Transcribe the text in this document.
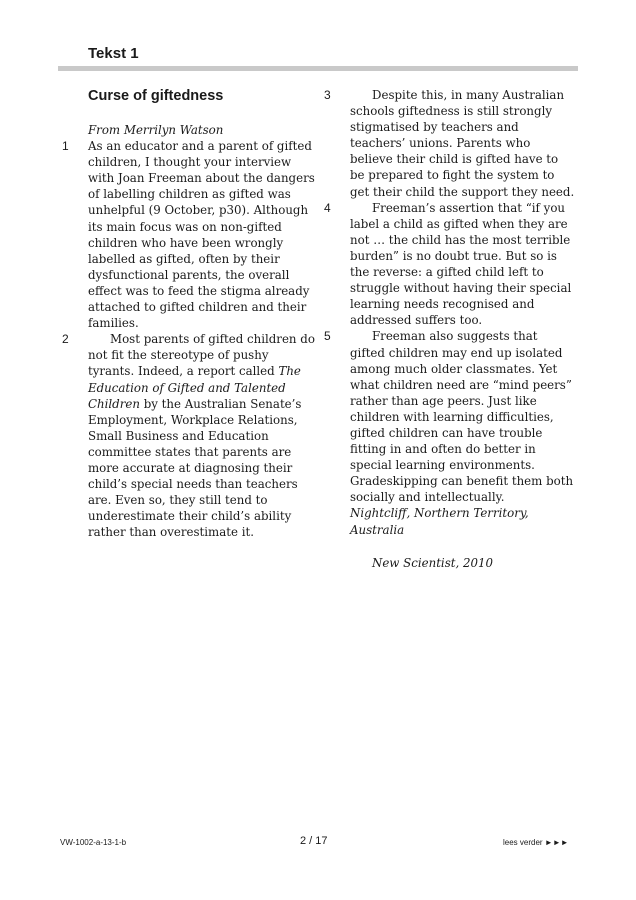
Tekst 1
Curse of giftedness

From Merrilyn Watson

1 As an educator and a parent of gifted children, I thought your interview with Joan Freeman about the dangers of labelling children as gifted was unhelpful (9 October, p30). Although its main focus was on non-gifted children who have been wrongly labelled as gifted, often by their dysfunctional parents, the overall effect was to feed the stigma already attached to gifted children and their families.

2	Most parents of gifted children do not fit the stereotype of pushy tyrants. Indeed, a report called The Education of Gifted and Talented Children by the Australian Senate’s Employment, Workplace Relations, Small Business and Education committee states that parents are more accurate at diagnosing their child’s special needs than teachers are. Even so, they still tend to underestimate their child’s ability rather than overestimate it.

3	Despite this, in many Australian schools giftedness is still strongly stigmatised by teachers and teachers’ unions. Parents who believe their child is gifted have to be prepared to fight the system to get their child the support they need.

4	Freeman’s assertion that “if you label a child as gifted when they are not … the child has the most terrible burden” is no doubt true. But so is the reverse: a gifted child left to struggle without having their special learning needs recognised and addressed suffers too.

5	Freeman also suggests that gifted children may end up isolated among much older classmates. Yet what children need are “mind peers” rather than age peers. Just like children with learning difficulties, gifted children can have trouble fitting in and often do better in special learning environments. Gradeskipping can benefit them both socially and intellectually.

Nightcliff, Northern Territory, Australia

New Scientist, 2010

VW-1002-a-13-1-b	2 / 17	lees verder ►►►
